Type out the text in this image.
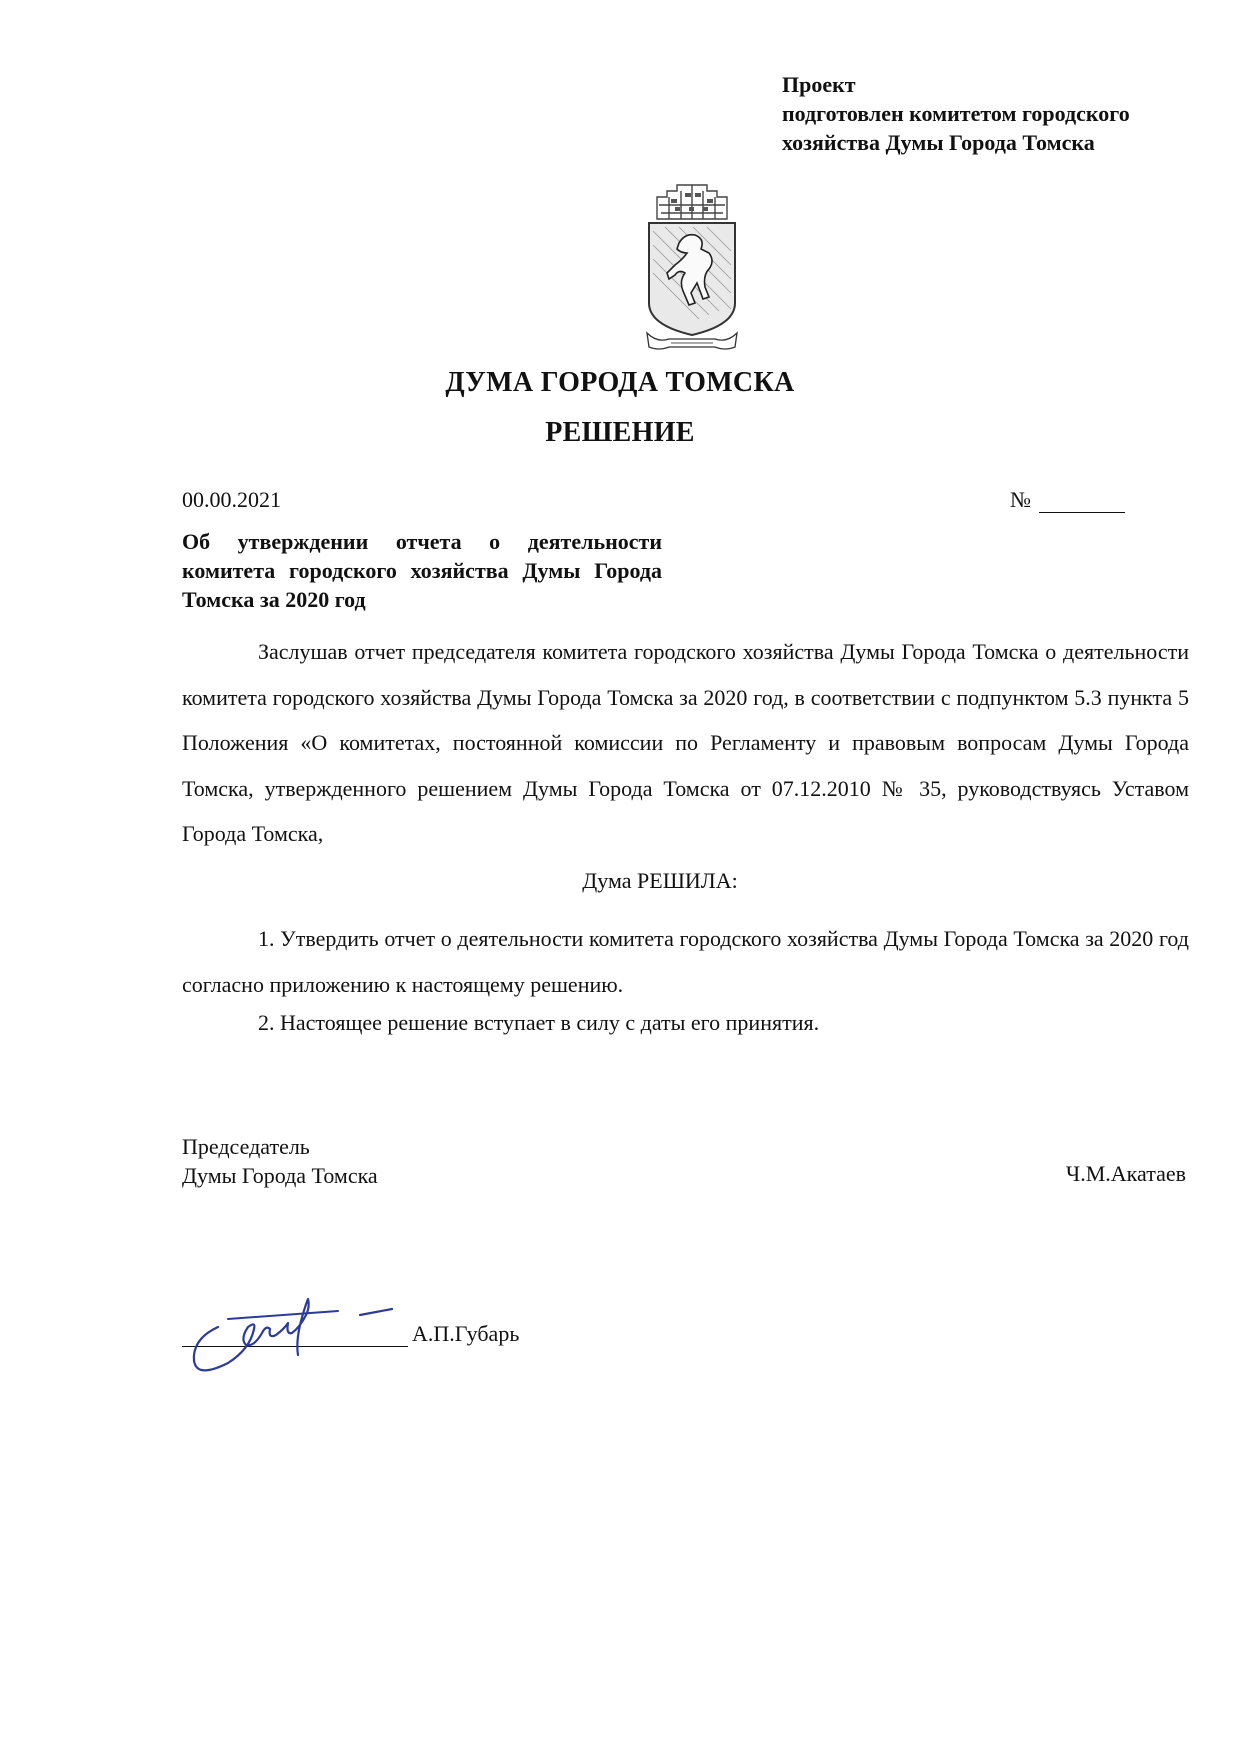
Проект
подготовлен комитетом городского
хозяйства Думы Города Томска
ДУМА ГОРОДА ТОМСКА
РЕШЕНИЕ
00.00.2021	№
Об утверждении отчета о деятельности комитета городского хозяйства Думы Города Томска за 2020 год
Заслушав отчет председателя комитета городского хозяйства Думы Города Томска о деятельности комитета городского хозяйства Думы Города Томска за 2020 год, в соответствии с подпунктом 5.3 пункта 5 Положения «О комитетах, постоянной комиссии по Регламенту и правовым вопросам Думы Города Томска, утвержденного решением Думы Города Томска от 07.12.2010 № 35, руководствуясь Уставом Города Томска,
Дума РЕШИЛА:
1. Утвердить отчет о деятельности комитета городского хозяйства Думы Города Томска за 2020 год согласно приложению к настоящему решению.
2. Настоящее решение вступает в силу с даты его принятия.
Председатель
Думы Города Томска	Ч.М.Акатаев
А.П.Губарь
